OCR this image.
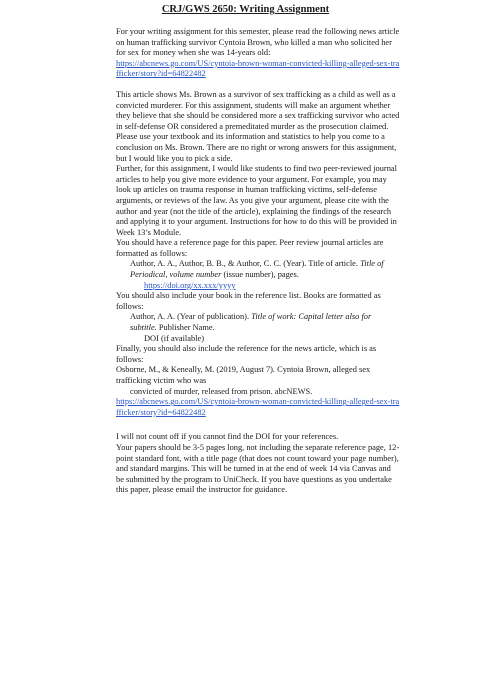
CRJ/GWS 2650: Writing Assignment

For your writing assignment for this semester, please read the following news article on human trafficking survivor Cyntoia Brown, who killed a man who solicited her for sex for money when she was 14-years old:

https://abcnews.go.com/US/cyntoia-brown-woman-convicted-killing-alleged-sex-trafficker/story?id=64822482

This article shows Ms. Brown as a survivor of sex trafficking as a child as well as a convicted murderer. For this assignment, students will make an argument whether they believe that she should be considered more a sex trafficking survivor who acted in self-defense OR considered a premeditated murder as the prosecution claimed.

Please use your textbook and its information and statistics to help you come to a conclusion on Ms. Brown. There are no right or wrong answers for this assignment, but I would like you to pick a side.

Further, for this assignment, I would like students to find two peer-reviewed journal articles to help you give more evidence to your argument. For example, you may look up articles on trauma response in human trafficking victims, self-defense arguments, or reviews of the law. As you give your argument, please cite with the author and year (not the title of the article), explaining the findings of the research and applying it to your argument. Instructions for how to do this will be provided in Week 13’s Module.

You should have a reference page for this paper. Peer review journal articles are formatted as follows:

Author, A. A., Author, B. B., & Author, C. C. (Year). Title of article. Title of Periodical, volume number (issue number), pages.

https://doi.org/xx.xxx/yyyy

You should also include your book in the reference list. Books are formatted as follows:

Author, A. A. (Year of publication). Title of work: Capital letter also for subtitle. Publisher Name.

DOI (if available)

Finally, you should also include the reference for the news article, which is as follows:

Osborne, M., & Keneally, M. (2019, August 7). Cyntoia Brown, alleged sex trafficking victim who was

convicted of murder, released from prison. abcNEWS.

https://abcnews.go.com/US/cyntoia-brown-woman-convicted-killing-alleged-sex-trafficker/story?id=64822482

I will not count off if you cannot find the DOI for your references.

Your papers should be 3-5 pages long, not including the separate reference page, 12-point standard font, with a title page (that does not count toward your page number), and standard margins. This will be turned in at the end of week 14 via Canvas and be submitted by the program to UniCheck. If you have questions as you undertake this paper, please email the instructor for guidance.
